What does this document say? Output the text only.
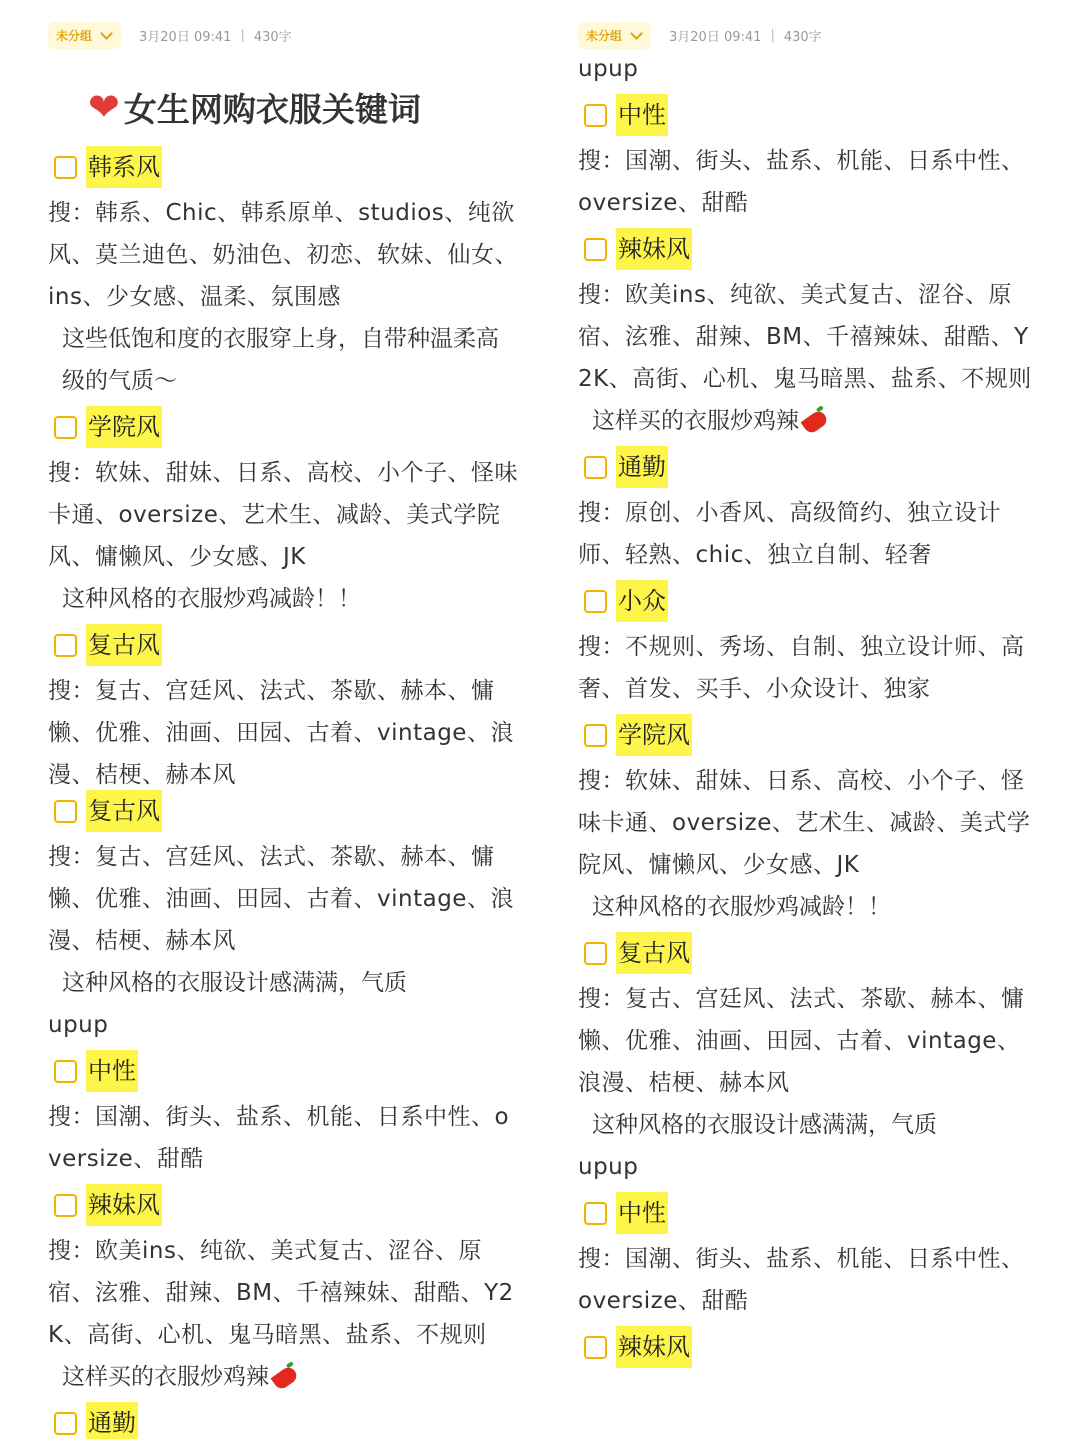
未分组	3月20日 09:41 | 430字
❤ 女生网购衣服关键词
韩系风

搜：韩系、Chic、韩系原单、studios、纯欲风、莫兰迪色、奶油色、初恋、软妹、仙女、ins、少女感、温柔、氛围感

这些低饱和度的衣服穿上身，自带种温柔高级的气质～

学院风

搜：软妹、甜妹、日系、高校、小个子、怪味卡通、oversize、艺术生、减龄、美式学院风、慵懒风、少女感、JK

这种风格的衣服炒鸡减龄！！

复古风

搜：复古、宫廷风、法式、茶歇、赫本、慵懒、优雅、油画、田园、古着、vintage、浪漫、桔梗、赫本风

复古风

搜：复古、宫廷风、法式、茶歇、赫本、慵懒、优雅、油画、田园、古着、vintage、浪漫、桔梗、赫本风

这种风格的衣服设计感满满，气质

upup

中性

搜：国潮、街头、盐系、机能、日系中性、oversize、甜酷

辣妹风

搜：欧美ins、纯欲、美式复古、涩谷、原宿、泫雅、甜辣、BM、千禧辣妹、甜酷、Y2K、高街、心机、鬼马暗黑、盐系、不规则

这样买的衣服炒鸡辣

通勤
未分组	3月20日 09:41 | 430字

upup

中性

搜：国潮、街头、盐系、机能、日系中性、oversize、甜酷

辣妹风

搜：欧美ins、纯欲、美式复古、涩谷、原宿、泫雅、甜辣、BM、千禧辣妹、甜酷、Y2K、高街、心机、鬼马暗黑、盐系、不规则

这样买的衣服炒鸡辣

通勤

搜：原创、小香风、高级简约、独立设计师、轻熟、chic、独立自制、轻奢

小众

搜：不规则、秀场、自制、独立设计师、高奢、首发、买手、小众设计、独家

学院风

搜：软妹、甜妹、日系、高校、小个子、怪味卡通、oversize、艺术生、减龄、美式学院风、慵懒风、少女感、JK

这种风格的衣服炒鸡减龄！！

复古风

搜：复古、宫廷风、法式、茶歇、赫本、慵懒、优雅、油画、田园、古着、vintage、浪漫、桔梗、赫本风

这种风格的衣服设计感满满，气质

upup

中性

搜：国潮、街头、盐系、机能、日系中性、oversize、甜酷

辣妹风
